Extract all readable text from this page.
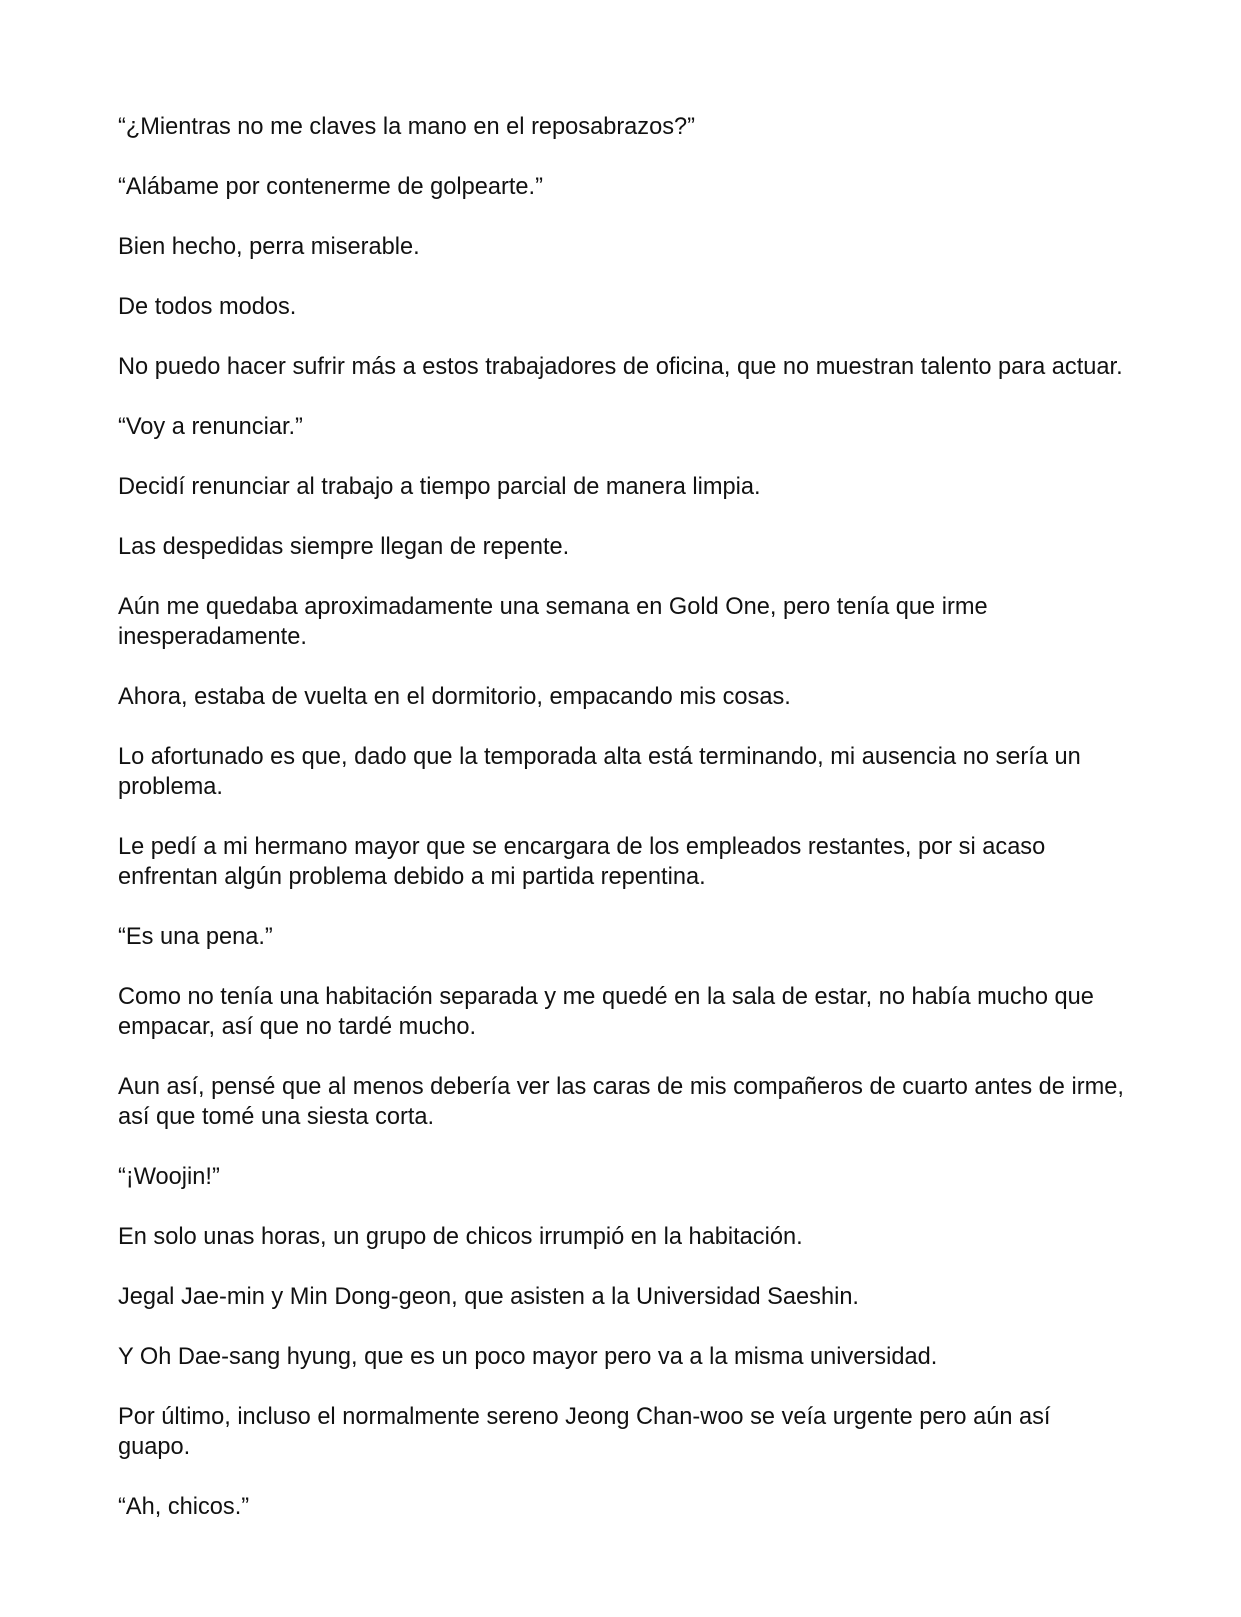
“¿Mientras no me claves la mano en el reposabrazos?”

“Alábame por contenerme de golpearte.”

Bien hecho, perra miserable.

De todos modos.

No puedo hacer sufrir más a estos trabajadores de oficina, que no muestran talento para actuar.

“Voy a renunciar.”

Decidí renunciar al trabajo a tiempo parcial de manera limpia.

Las despedidas siempre llegan de repente.

Aún me quedaba aproximadamente una semana en Gold One, pero tenía que irme inesperadamente.

Ahora, estaba de vuelta en el dormitorio, empacando mis cosas.

Lo afortunado es que, dado que la temporada alta está terminando, mi ausencia no sería un problema.

Le pedí a mi hermano mayor que se encargara de los empleados restantes, por si acaso enfrentan algún problema debido a mi partida repentina.

“Es una pena.”

Como no tenía una habitación separada y me quedé en la sala de estar, no había mucho que empacar, así que no tardé mucho.

Aun así, pensé que al menos debería ver las caras de mis compañeros de cuarto antes de irme, así que tomé una siesta corta.

“¡Woojin!”

En solo unas horas, un grupo de chicos irrumpió en la habitación.

Jegal Jae-min y Min Dong-geon, que asisten a la Universidad Saeshin.

Y Oh Dae-sang hyung, que es un poco mayor pero va a la misma universidad.

Por último, incluso el normalmente sereno Jeong Chan-woo se veía urgente pero aún así guapo.

“Ah, chicos.”
